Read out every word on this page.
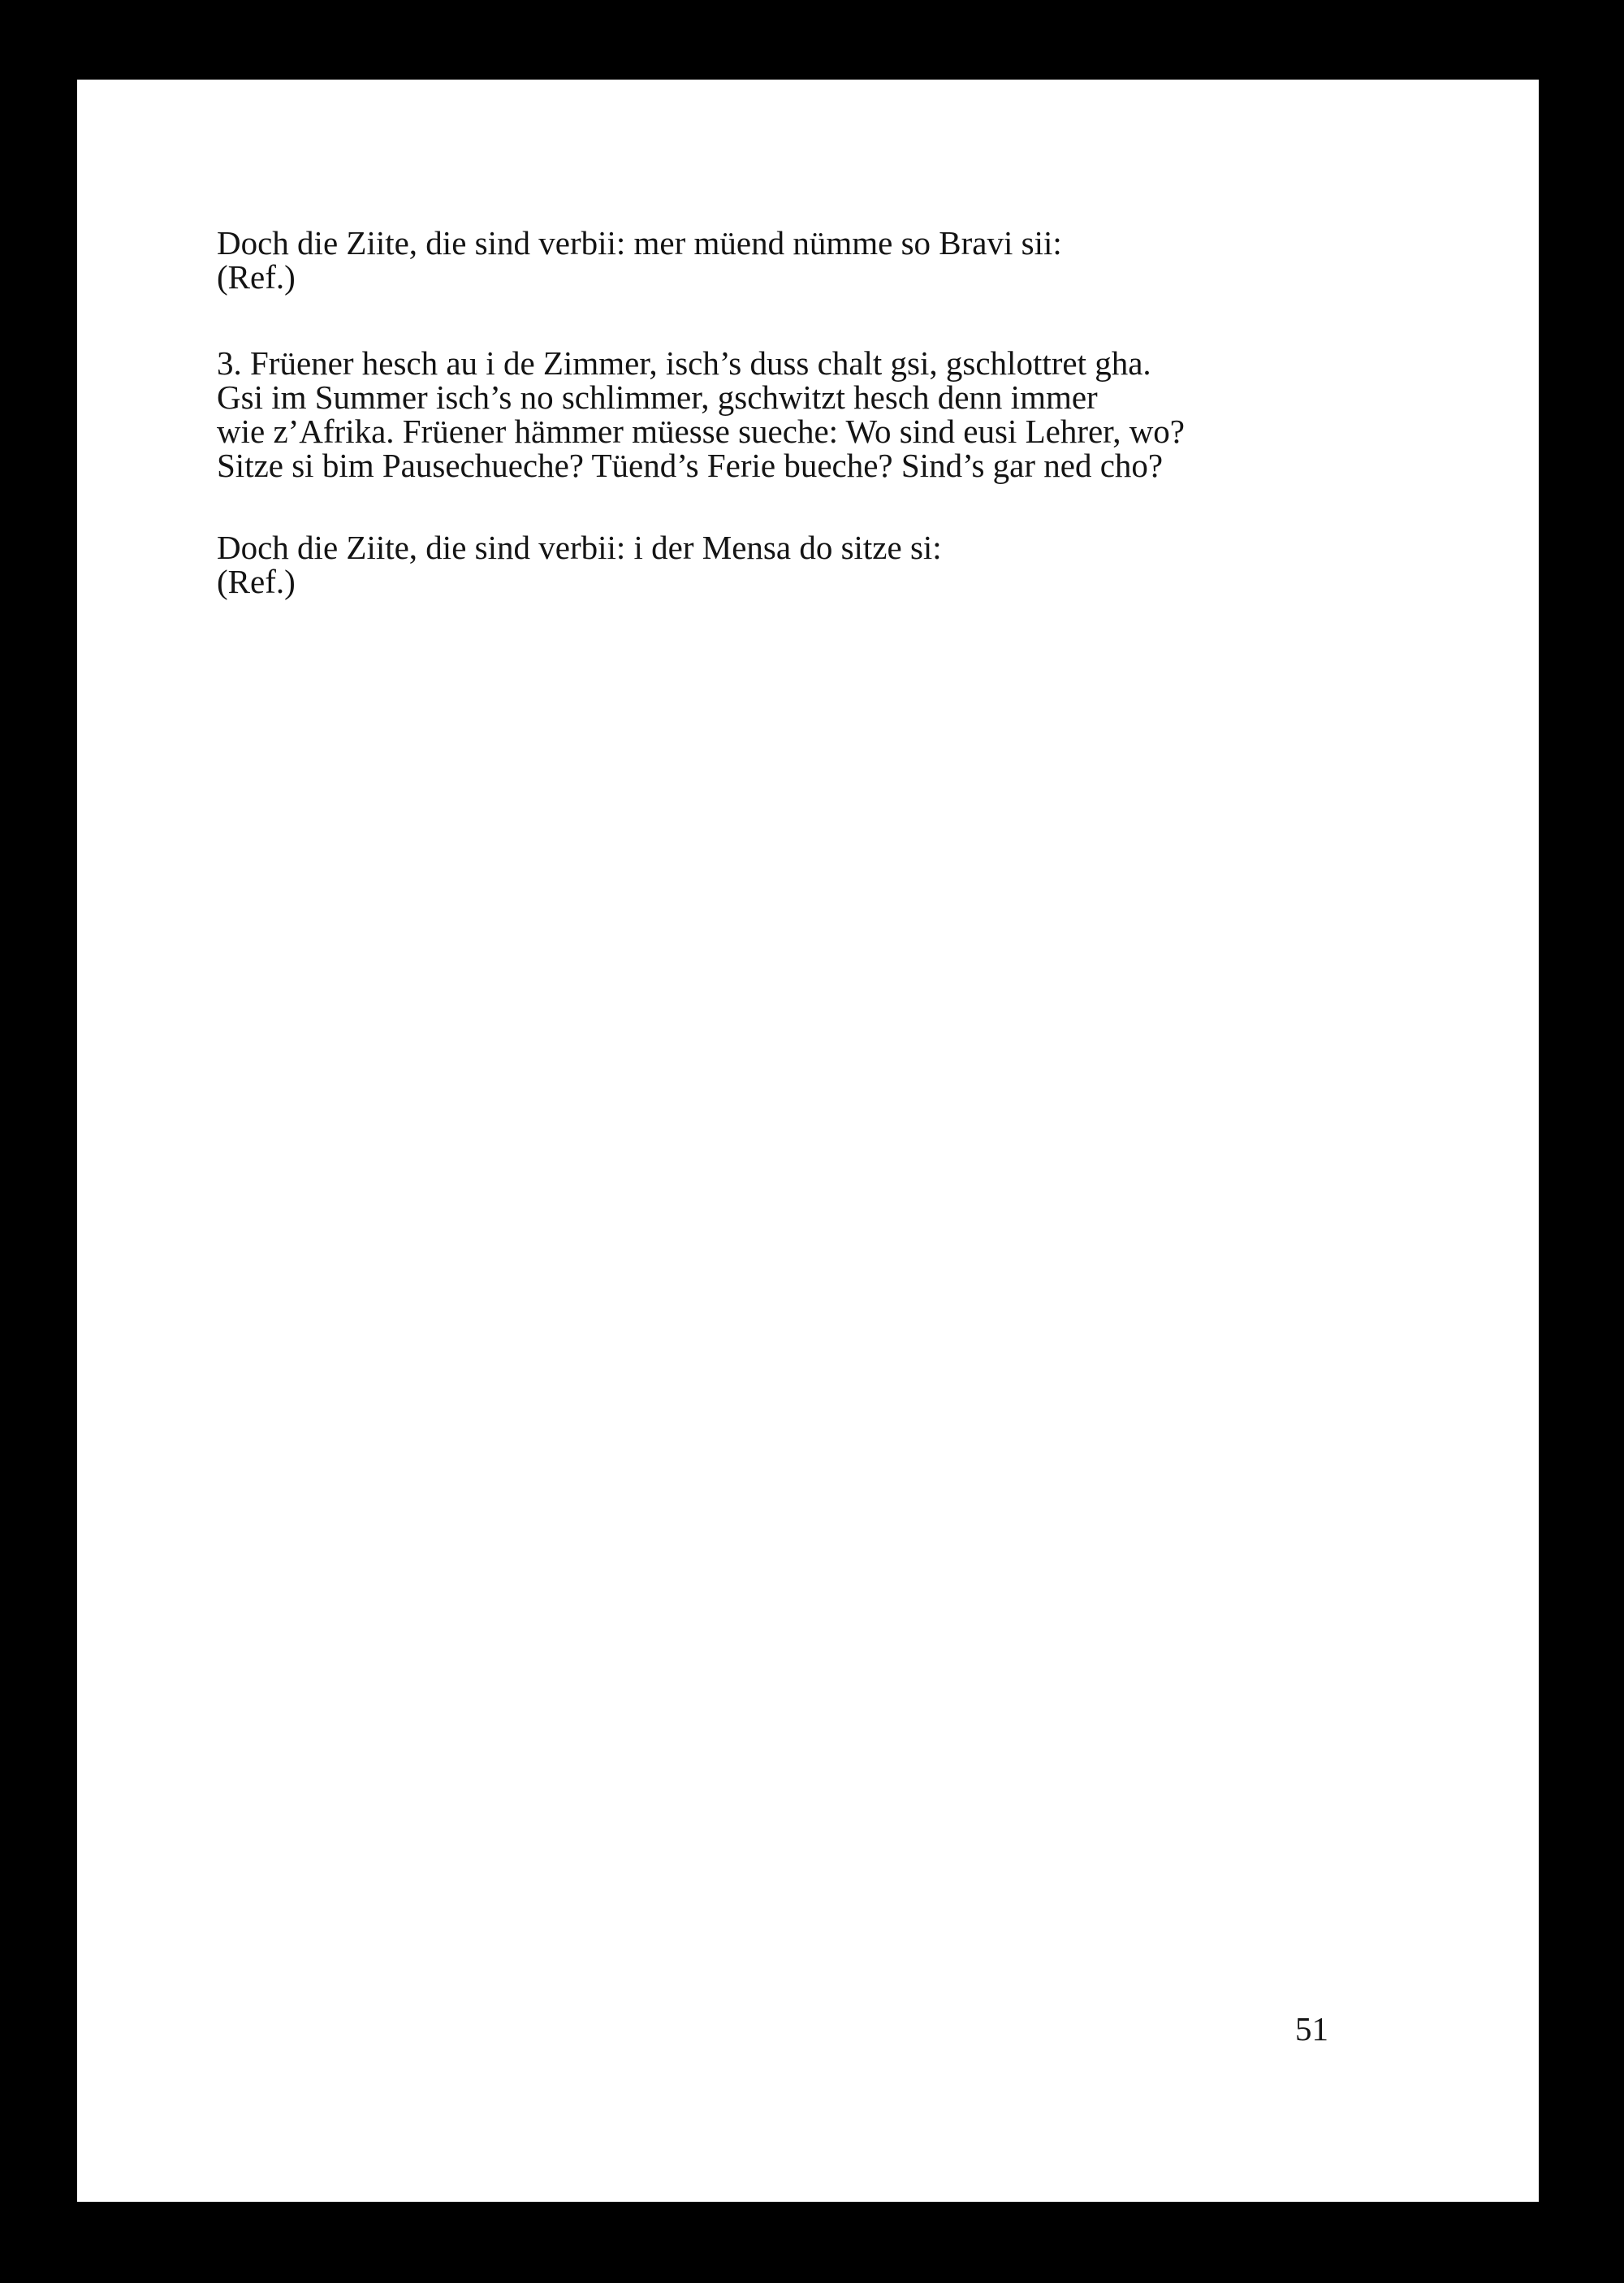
Doch die Ziite, die sind verbii: mer müend nümme so Bravi sii:
(Ref.)
3. Früener hesch au i de Zimmer, isch’s duss chalt gsi, gschlottret gha.
Gsi im Summer isch’s no schlimmer, gschwitzt hesch denn immer
wie z’Afrika. Früener hämmer müesse sueche: Wo sind eusi Lehrer, wo?
Sitze si bim Pausechueche? Tüend’s Ferie bueche? Sind’s gar ned cho?
Doch die Ziite, die sind verbii: i der Mensa do sitze si:
(Ref.)
51
